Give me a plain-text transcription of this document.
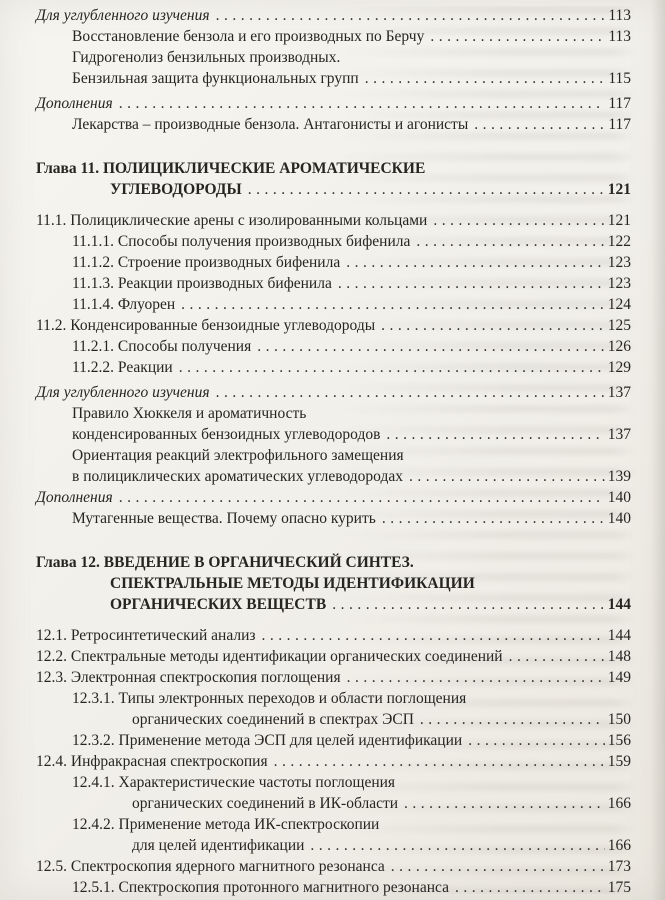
Для углубленного изучения .....	113
Восстановление бензола и его производных по Берчу .....	113
Гидрогенолиз бензильных производных.
Бензильная защита функциональных групп .....	115
Дополнения .....	117
Лекарства – производные бензола. Антагонисты и агонисты .....	117
Глава 11. ПОЛИЦИКЛИЧЕСКИЕ АРОМАТИЧЕСКИЕ
УГЛЕВОДОРОДЫ .....	121
11.1. Полициклические арены с изолированными кольцами .....	121
11.1.1. Способы получения производных бифенила .....	122
11.1.2. Строение производных бифенила .....	123
11.1.3. Реакции производных бифенила .....	123
11.1.4. Флуорен .....	124
11.2. Конденсированные бензоидные углеводороды .....	125
11.2.1. Способы получения .....	126
11.2.2. Реакции .....	129
Для углубленного изучения .....	137
Правило Хюккеля и ароматичность
конденсированных бензоидных углеводородов .....	137
Ориентация реакций электрофильного замещения
в полициклических ароматических углеводородах .....	139
Дополнения .....	140
Мутагенные вещества. Почему опасно курить .....	140
Глава 12. ВВЕДЕНИЕ В ОРГАНИЧЕСКИЙ СИНТЕЗ.
СПЕКТРАЛЬНЫЕ МЕТОДЫ ИДЕНТИФИКАЦИИ
ОРГАНИЧЕСКИХ ВЕЩЕСТВ .....	144
12.1. Ретросинтетический анализ .....	144
12.2. Спектральные методы идентификации органических соединений .....	148
12.3. Электронная спектроскопия поглощения .....	149
12.3.1. Типы электронных переходов и области поглощения
органических соединений в спектрах ЭСП .....	150
12.3.2. Применение метода ЭСП для целей идентификации .....	156
12.4. Инфракрасная спектроскопия .....	159
12.4.1. Характеристические частоты поглощения
органических соединений в ИК-области .....	166
12.4.2. Применение метода ИК-спектроскопии
для целей идентификации .....	166
12.5. Спектроскопия ядерного магнитного резонанса .....	173
12.5.1. Спектроскопия протонного магнитного резонанса .....	175
